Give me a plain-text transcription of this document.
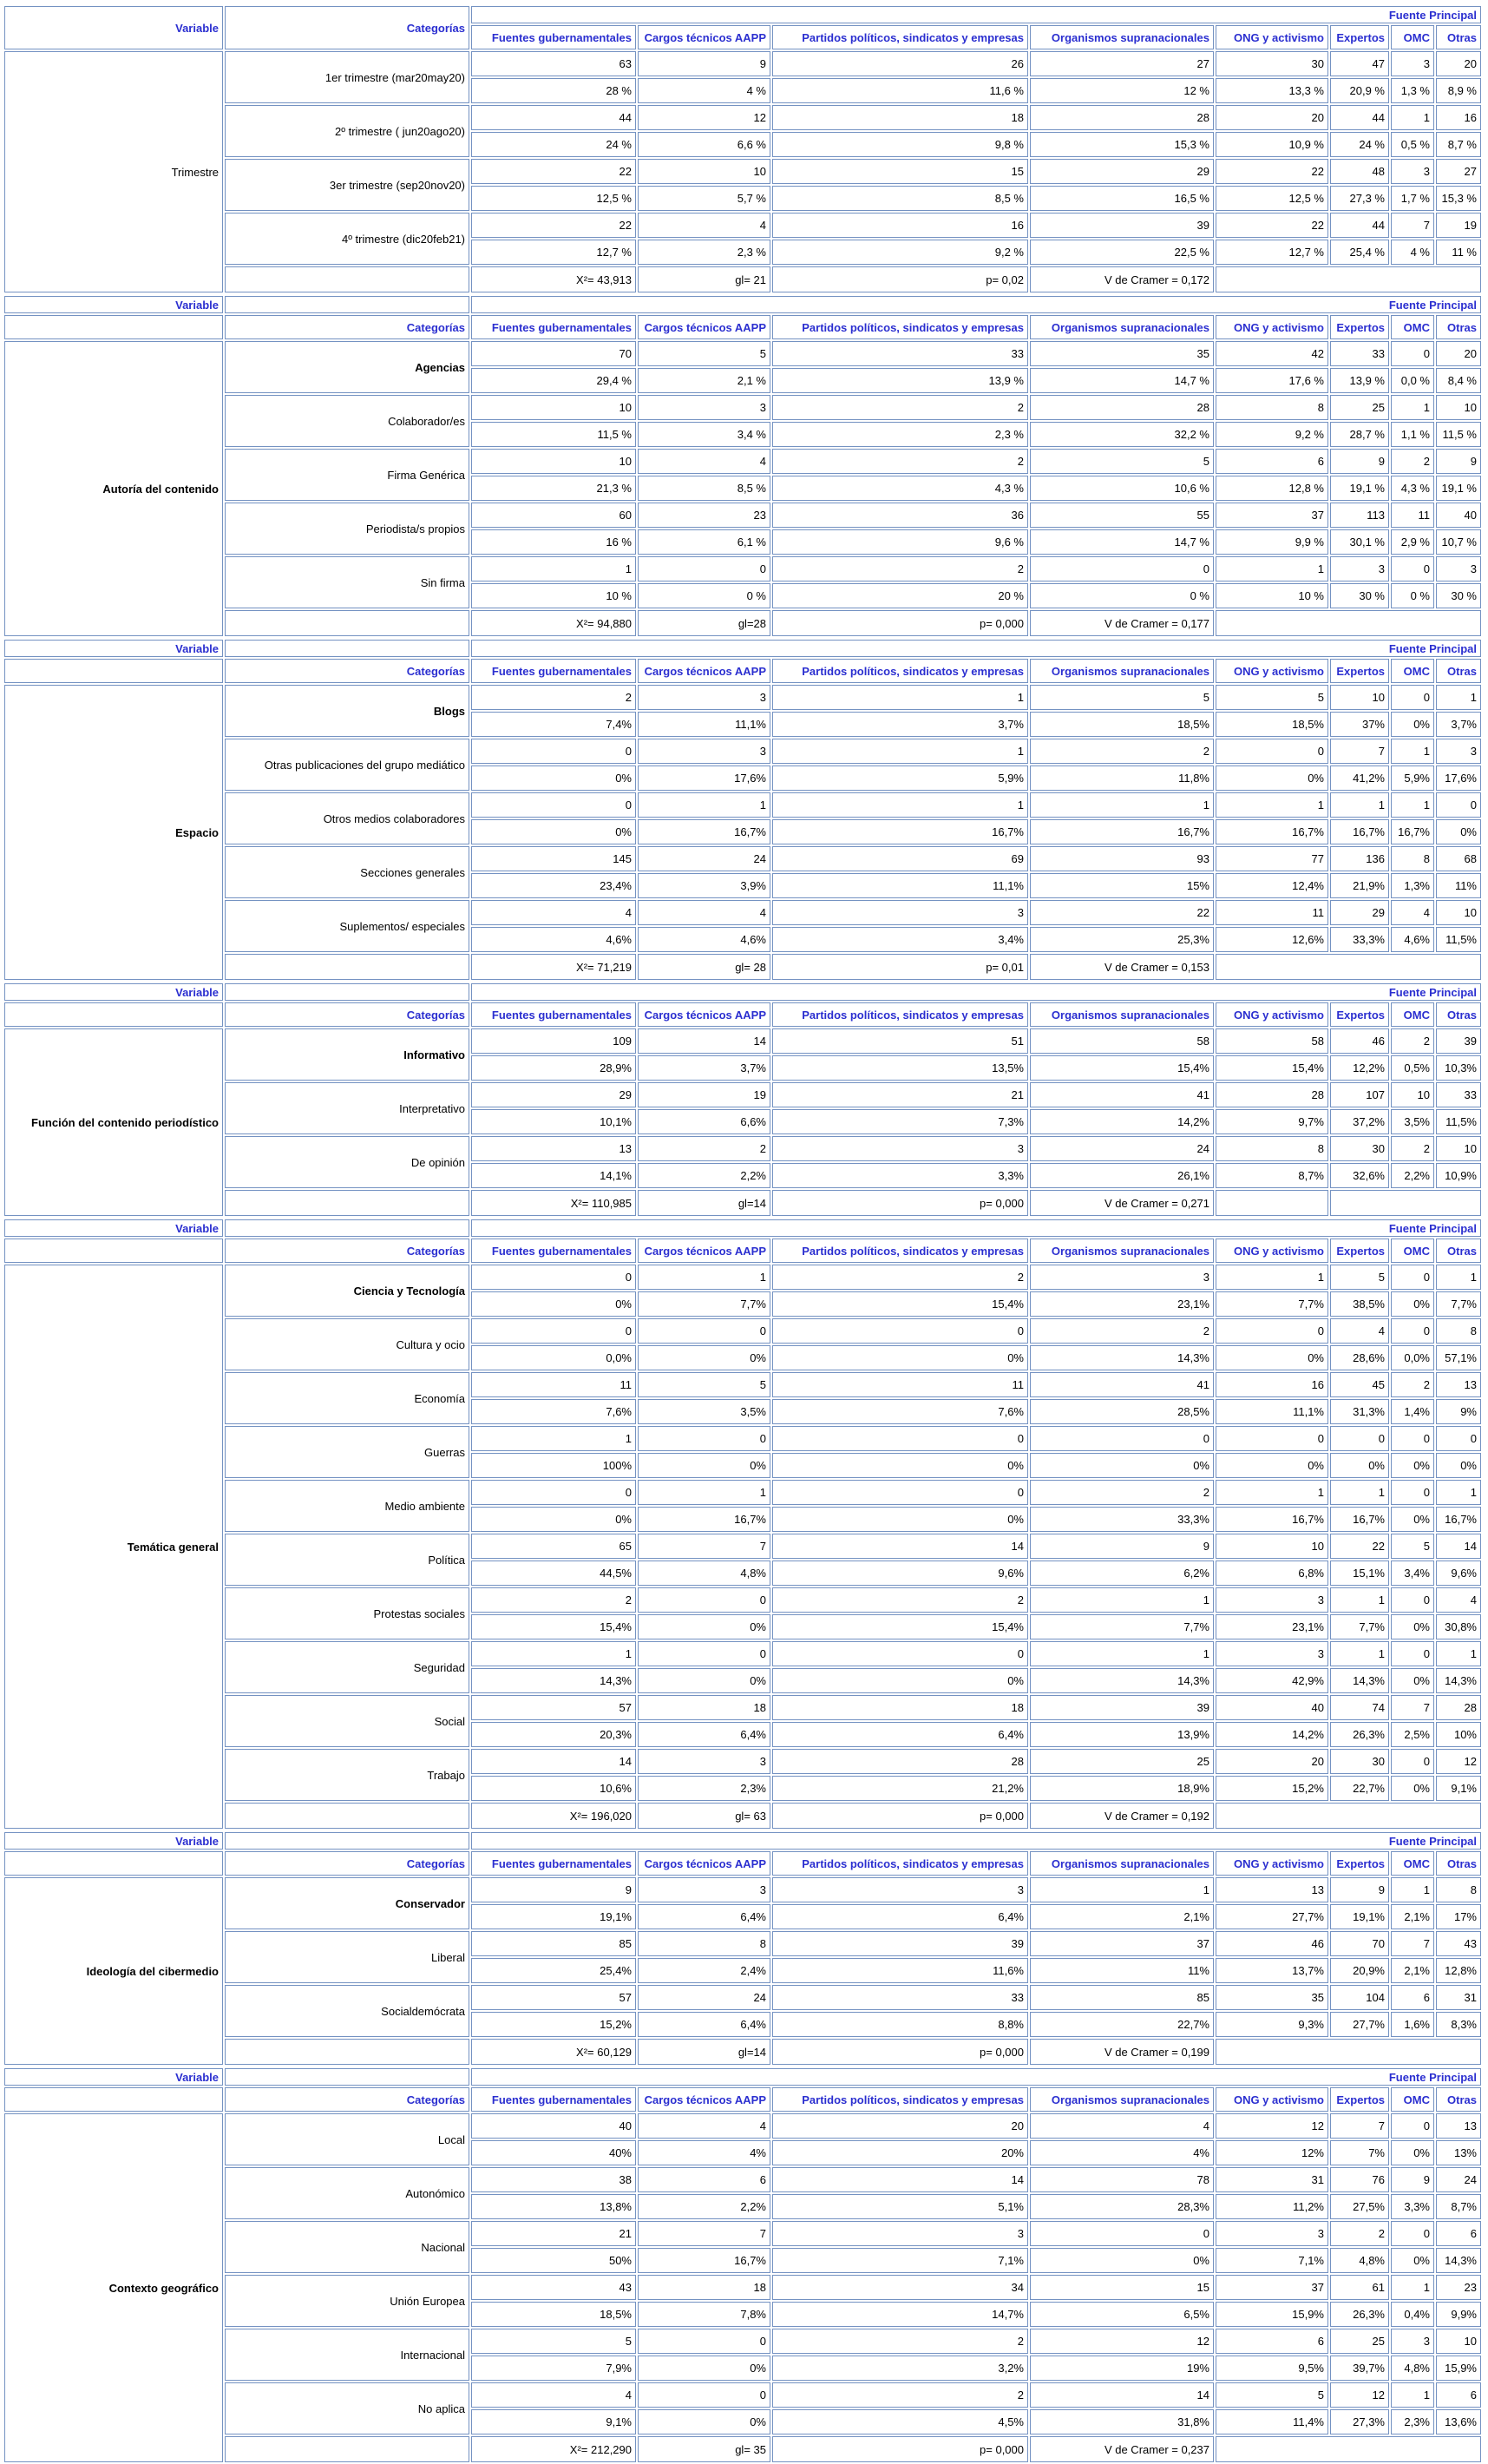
Variable	Categorías	Fuente Principal							
		Fuentes gubernamentales	Cargos técnicos AAPP	Partidos políticos, sindicatos y empresas	Organismos supranacionales	ONG y activismo	Expertos	OMC	Otras
Trimestre	1er trimestre (mar20may20)	63	9	26	27	30	47	3	20
		28 %	4 %	11,6 %	12 %	13,3 %	20,9 %	1,3 %	8,9 %
	2º trimestre ( jun20ago20)	44	12	18	28	20	44	1	16
		24 %	6,6 %	9,8 %	15,3 %	10,9 %	24 %	0,5 %	8,7 %
	3er trimestre (sep20nov20)	22	10	15	29	22	48	3	27
		12,5 %	5,7 %	8,5 %	16,5 %	12,5 %	27,3 %	1,7 %	15,3 %
	4º trimestre (dic20feb21)	22	4	16	39	22	44	7	19
		12,7 %	2,3 %	9,2 %	22,5 %	12,7 %	25,4 %	4 %	11 %
		X²= 43,913	gl= 21	p= 0,02	V de Cramer = 0,172				
Variable		Fuente Principal							
	Categorías	Fuentes gubernamentales	Cargos técnicos AAPP	Partidos políticos, sindicatos y empresas	Organismos supranacionales	ONG y activismo	Expertos	OMC	Otras
Autoría del contenido	Agencias	70	5	33	35	42	33	0	20
		29,4 %	2,1 %	13,9 %	14,7 %	17,6 %	13,9 %	0,0 %	8,4 %
	Colaborador/es	10	3	2	28	8	25	1	10
		11,5 %	3,4 %	2,3 %	32,2 %	9,2 %	28,7 %	1,1 %	11,5 %
	Firma Genérica	10	4	2	5	6	9	2	9
		21,3 %	8,5 %	4,3 %	10,6 %	12,8 %	19,1 %	4,3 %	19,1 %
	Periodista/s propios	60	23	36	55	37	113	11	40
		16 %	6,1 %	9,6 %	14,7 %	9,9 %	30,1 %	2,9 %	10,7 %
	Sin firma	1	0	2	0	1	3	0	3
		10 %	0 %	20 %	0 %	10 %	30 %	0 %	30 %
		X²= 94,880	gl=28	p= 0,000	V de Cramer = 0,177				
Variable		Fuente Principal							
	Categorías	Fuentes gubernamentales	Cargos técnicos AAPP	Partidos políticos, sindicatos y empresas	Organismos supranacionales	ONG y activismo	Expertos	OMC	Otras
Espacio	Blogs	2	3	1	5	5	10	0	1
		7,4%	11,1%	3,7%	18,5%	18,5%	37%	0%	3,7%
	Otras publicaciones del grupo mediático	0	3	1	2	0	7	1	3
		0%	17,6%	5,9%	11,8%	0%	41,2%	5,9%	17,6%
	Otros medios colaboradores	0	1	1	1	1	1	1	0
		0%	16,7%	16,7%	16,7%	16,7%	16,7%	16,7%	0%
	Secciones generales	145	24	69	93	77	136	8	68
		23,4%	3,9%	11,1%	15%	12,4%	21,9%	1,3%	11%
	Suplementos/ especiales	4	4	3	22	11	29	4	10
		4,6%	4,6%	3,4%	25,3%	12,6%	33,3%	4,6%	11,5%
		X²= 71,219	gl= 28	p= 0,01	V de Cramer = 0,153				
Variable		Fuente Principal							
	Categorías	Fuentes gubernamentales	Cargos técnicos AAPP	Partidos políticos, sindicatos y empresas	Organismos supranacionales	ONG y activismo	Expertos	OMC	Otras
Función del contenido periodístico	Informativo	109	14	51	58	58	46	2	39
		28,9%	3,7%	13,5%	15,4%	15,4%	12,2%	0,5%	10,3%
	Interpretativo	29	19	21	41	28	107	10	33
		10,1%	6,6%	7,3%	14,2%	9,7%	37,2%	3,5%	11,5%
	De opinión	13	2	3	24	8	30	2	10
		14,1%	2,2%	3,3%	26,1%	8,7%	32,6%	2,2%	10,9%
		X²= 110,985	gl=14	p= 0,000	V de Cramer = 0,271				
Variable		Fuente Principal							
	Categorías	Fuentes gubernamentales	Cargos técnicos AAPP	Partidos políticos, sindicatos y empresas	Organismos supranacionales	ONG y activismo	Expertos	OMC	Otras
Temática general	Ciencia y Tecnología	0	1	2	3	1	5	0	1
		0%	7,7%	15,4%	23,1%	7,7%	38,5%	0%	7,7%
	Cultura y ocio	0	0	0	2	0	4	0	8
		0,0%	0%	0%	14,3%	0%	28,6%	0,0%	57,1%
	Economía	11	5	11	41	16	45	2	13
		7,6%	3,5%	7,6%	28,5%	11,1%	31,3%	1,4%	9%
	Guerras	1	0	0	0	0	0	0	0
		100%	0%	0%	0%	0%	0%	0%	0%
	Medio ambiente	0	1	0	2	1	1	0	1
		0%	16,7%	0%	33,3%	16,7%	16,7%	0%	16,7%
	Política	65	7	14	9	10	22	5	14
		44,5%	4,8%	9,6%	6,2%	6,8%	15,1%	3,4%	9,6%
	Protestas sociales	2	0	2	1	3	1	0	4
		15,4%	0%	15,4%	7,7%	23,1%	7,7%	0%	30,8%
	Seguridad	1	0	0	1	3	1	0	1
		14,3%	0%	0%	14,3%	42,9%	14,3%	0%	14,3%
	Social	57	18	18	39	40	74	7	28
		20,3%	6,4%	6,4%	13,9%	14,2%	26,3%	2,5%	10%
	Trabajo	14	3	28	25	20	30	0	12
		10,6%	2,3%	21,2%	18,9%	15,2%	22,7%	0%	9,1%
		X²= 196,020	gl= 63	p= 0,000	V de Cramer = 0,192				
Variable		Fuente Principal							
	Categorías	Fuentes gubernamentales	Cargos técnicos AAPP	Partidos políticos, sindicatos y empresas	Organismos supranacionales	ONG y activismo	Expertos	OMC	Otras
Ideología del cibermedio	Conservador	9	3	3	1	13	9	1	8
		19,1%	6,4%	6,4%	2,1%	27,7%	19,1%	2,1%	17%
	Liberal	85	8	39	37	46	70	7	43
		25,4%	2,4%	11,6%	11%	13,7%	20,9%	2,1%	12,8%
	Socialdemócrata	57	24	33	85	35	104	6	31
		15,2%	6,4%	8,8%	22,7%	9,3%	27,7%	1,6%	8,3%
		X²= 60,129	gl=14	p= 0,000	V de Cramer = 0,199				
Variable		Fuente Principal							
	Categorías	Fuentes gubernamentales	Cargos técnicos AAPP	Partidos políticos, sindicatos y empresas	Organismos supranacionales	ONG y activismo	Expertos	OMC	Otras
Contexto geográfico	Local	40	4	20	4	12	7	0	13
		40%	4%	20%	4%	12%	7%	0%	13%
	Autonómico	38	6	14	78	31	76	9	24
		13,8%	2,2%	5,1%	28,3%	11,2%	27,5%	3,3%	8,7%
	Nacional	21	7	3	0	3	2	0	6
		50%	16,7%	7,1%	0%	7,1%	4,8%	0%	14,3%
	Unión Europea	43	18	34	15	37	61	1	23
		18,5%	7,8%	14,7%	6,5%	15,9%	26,3%	0,4%	9,9%
	Internacional	5	0	2	12	6	25	3	10
		7,9%	0%	3,2%	19%	9,5%	39,7%	4,8%	15,9%
	No aplica	4	0	2	14	5	12	1	6
		9,1%	0%	4,5%	31,8%	11,4%	27,3%	2,3%	13,6%
		X²= 212,290	gl= 35	p= 0,000	V de Cramer = 0,237				
